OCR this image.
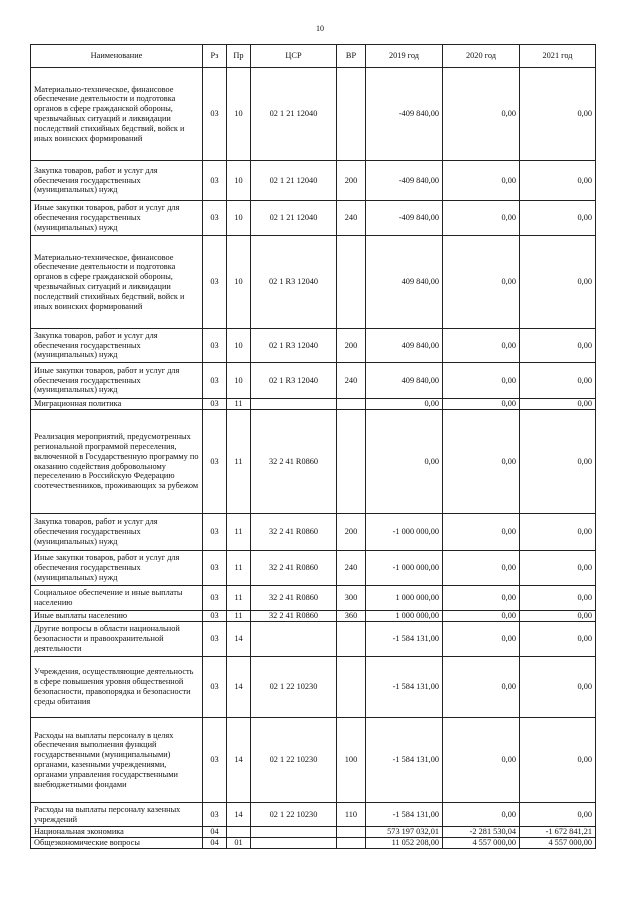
10
Наименование	Рз	Пр	ЦСР	ВР	2019 год	2020 год	2021 год
Материально-техническое, финансовое обеспечение деятельности и подготовка органов в сфере гражданской обороны, чрезвычайных ситуаций и ликвидации последствий стихийных бедствий, войск и иных воинских формирований	03	10	02 1 21 12040		-409 840,00	0,00	0,00
Закупка товаров, работ и услуг для обеспечения государственных (муниципальных) нужд	03	10	02 1 21 12040	200	-409 840,00	0,00	0,00
Иные закупки товаров, работ и услуг для обеспечения государственных (муниципальных) нужд	03	10	02 1 21 12040	240	-409 840,00	0,00	0,00
Материально-техническое, финансовое обеспечение деятельности и подготовка органов в сфере гражданской обороны, чрезвычайных ситуаций и ликвидации последствий стихийных бедствий, войск и иных воинских формирований	03	10	02 1 R3 12040		409 840,00	0,00	0,00
Закупка товаров, работ и услуг для обеспечения государственных (муниципальных) нужд	03	10	02 1 R3 12040	200	409 840,00	0,00	0,00
Иные закупки товаров, работ и услуг для обеспечения государственных (муниципальных) нужд	03	10	02 1 R3 12040	240	409 840,00	0,00	0,00
Миграционная политика	03	11			0,00	0,00	0,00
Реализация мероприятий, предусмотренных региональной программой переселения, включенной в Государственную программу по оказанию содействия добровольному переселению в Российскую Федерацию соотечественников, проживающих за рубежом	03	11	32 2 41 R0860		0,00	0,00	0,00
Закупка товаров, работ и услуг для обеспечения государственных (муниципальных) нужд	03	11	32 2 41 R0860	200	-1 000 000,00	0,00	0,00
Иные закупки товаров, работ и услуг для обеспечения государственных (муниципальных) нужд	03	11	32 2 41 R0860	240	-1 000 000,00	0,00	0,00
Социальное обеспечение и иные выплаты населению	03	11	32 2 41 R0860	300	1 000 000,00	0,00	0,00
Иные выплаты населению	03	11	32 2 41 R0860	360	1 000 000,00	0,00	0,00
Другие вопросы в области национальной безопасности и правоохранительной деятельности	03	14			-1 584 131,00	0,00	0,00
Учреждения, осуществляющие деятельность в сфере повышения уровня общественной безопасности, правопорядка и безопасности среды обитания	03	14	02 1 22 10230		-1 584 131,00	0,00	0,00
Расходы на выплаты персоналу в целях обеспечения выполнения функций государственными (муниципальными) органами, казенными учреждениями, органами управления государственными внебюджетными фондами	03	14	02 1 22 10230	100	-1 584 131,00	0,00	0,00
Расходы на выплаты персоналу казенных учреждений	03	14	02 1 22 10230	110	-1 584 131,00	0,00	0,00
Национальная экономика	04				573 197 032,01	-2 281 530,04	-1 672 841,21
Общеэкономические вопросы	04	01			11 052 208,00	4 557 000,00	4 557 000,00
